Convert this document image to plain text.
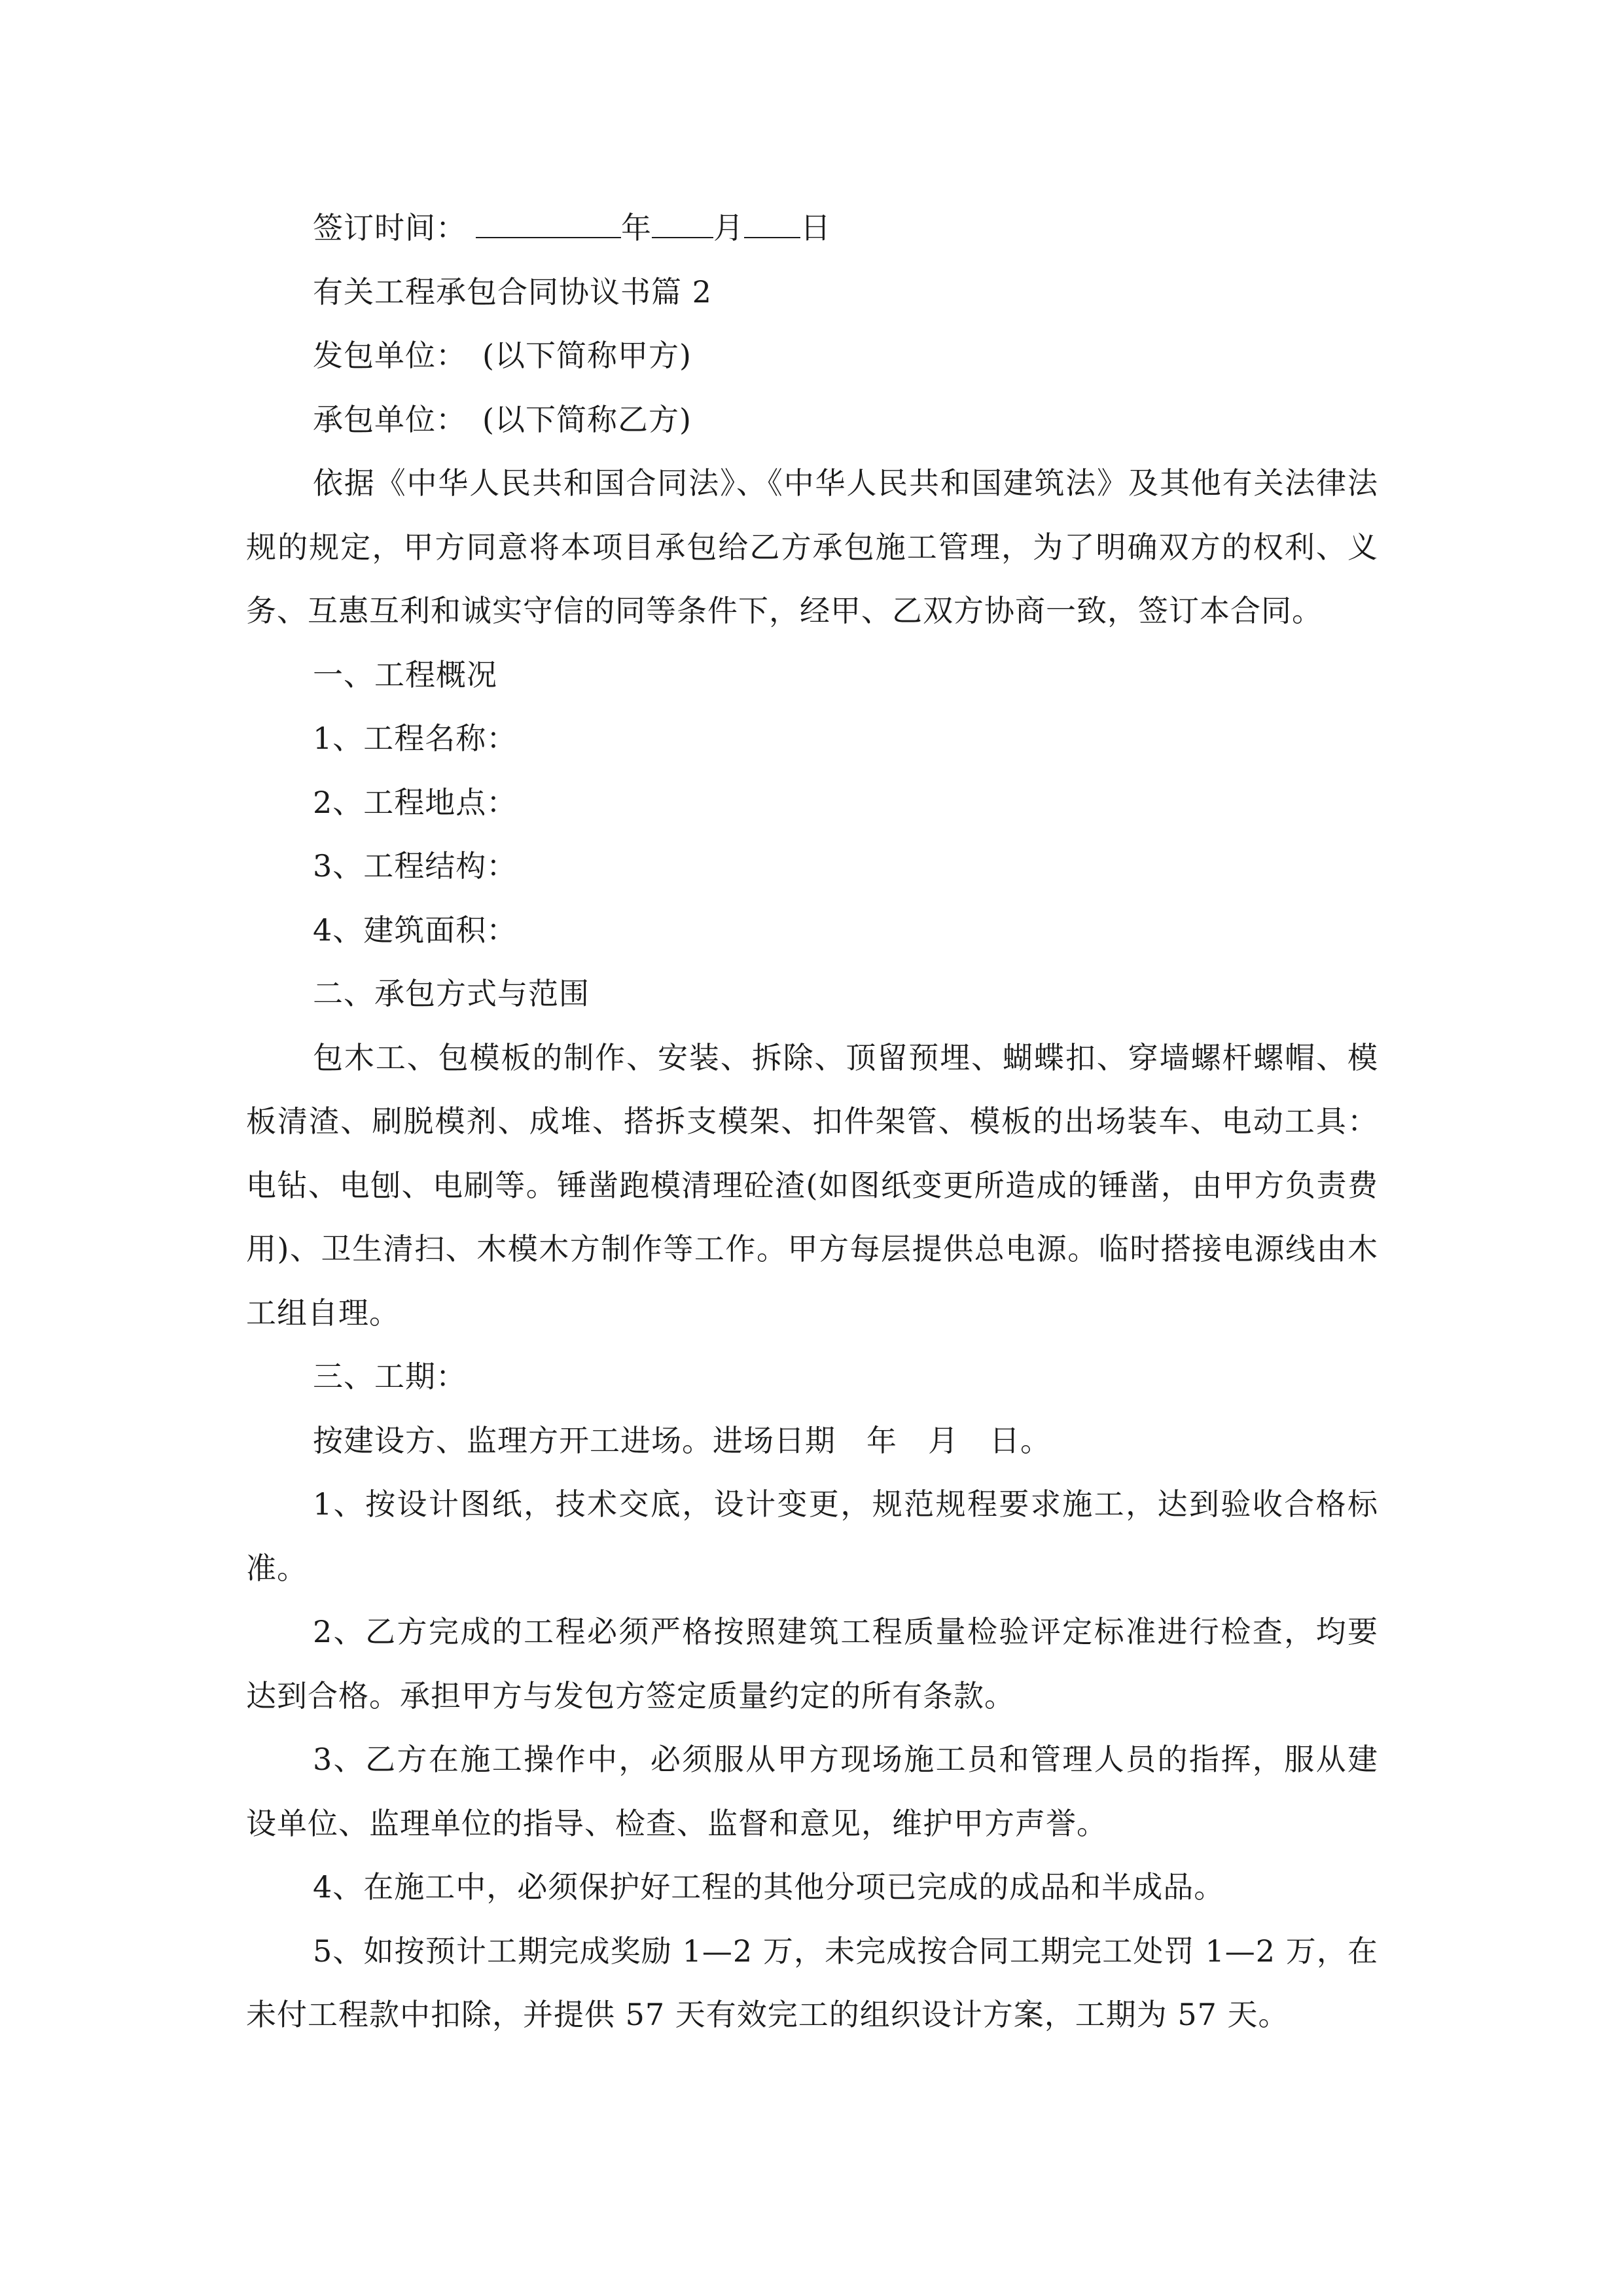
签订时间：	年 月 日
有关工程承包合同协议书篇 2
发包单位：　(以下简称甲方)
承包单位：　(以下简称乙方)
依据《中华人民共和国合同法》、《中华人民共和国建筑法》及其他有关法律法规的规定，甲方同意将本项目承包给乙方承包施工管理，为了明确双方的权利、义务、互惠互利和诚实守信的同等条件下，经甲、乙双方协商一致，签订本合同。
一、工程概况
1、工程名称：
2、工程地点：
3、工程结构：
4、建筑面积：
二、承包方式与范围
包木工、包模板的制作、安装、拆除、顶留预埋、蝴蝶扣、穿墙螺杆螺帽、模板清渣、刷脱模剂、成堆、搭拆支模架、扣件架管、模板的出场装车、电动工具：电钻、电刨、电刷等。锤凿跑模清理砼渣(如图纸变更所造成的锤凿，由甲方负责费用)、卫生清扫、木模木方制作等工作。甲方每层提供总电源。临时搭接电源线由木工组自理。
三、工期：
按建设方、监理方开工进场。进场日期　年　月　日。
1、按设计图纸，技术交底，设计变更，规范规程要求施工，达到验收合格标准。
2、乙方完成的工程必须严格按照建筑工程质量检验评定标准进行检查，均要达到合格。承担甲方与发包方签定质量约定的所有条款。
3、乙方在施工操作中，必须服从甲方现场施工员和管理人员的指挥，服从建设单位、监理单位的指导、检查、监督和意见，维护甲方声誉。
4、在施工中，必须保护好工程的其他分项已完成的成品和半成品。
5、如按预计工期完成奖励 1—2 万，未完成按合同工期完工处罚 1—2 万，在未付工程款中扣除，并提供 57 天有效完工的组织设计方案，工期为 57 天。
